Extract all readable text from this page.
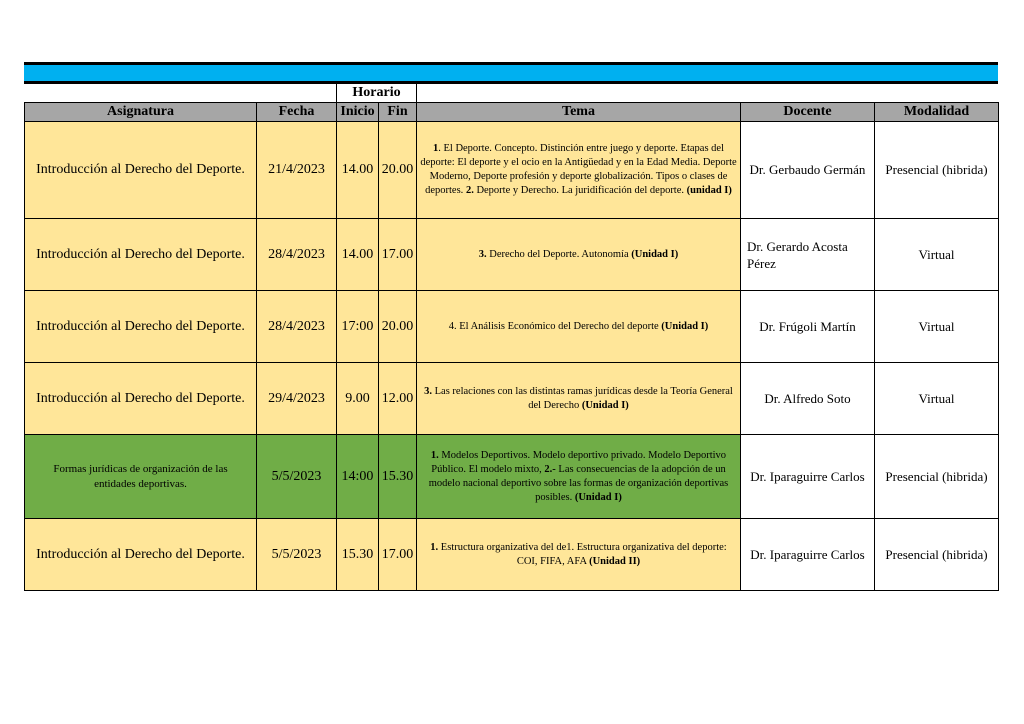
		Horario				
Asignatura	Fecha	Inicio	Fin	Tema	Docente	Modalidad
Introducción al Derecho del Deporte.	21/4/2023	14.00	20.00	1. El Deporte. Concepto. Distinción entre juego y deporte. Etapas del deporte: El deporte y el ocio en la Antigüedad y en la Edad Media. Deporte Moderno, Deporte profesión y deporte globalización. Tipos o clases de deportes. 2. Deporte y Derecho. La juridificación del deporte. (unidad I)	Dr. Gerbaudo Germán	Presencial (hibrida)
Introducción al Derecho del Deporte.	28/4/2023	14.00	17.00	3. Derecho del Deporte. Autonomía (Unidad I)	Dr. Gerardo Acosta Pérez	Virtual
Introducción al Derecho del Deporte.	28/4/2023	17:00	20.00	4. El Análisis Económico del Derecho del deporte (Unidad I)	Dr. Frúgoli Martín	Virtual
Introducción al Derecho del Deporte.	29/4/2023	9.00	12.00	3. Las relaciones con las distintas ramas jurídicas desde la Teoría General del Derecho (Unidad I)	Dr. Alfredo Soto	Virtual
Formas jurídicas de organización de las entidades deportivas.	5/5/2023	14:00	15.30	1. Modelos Deportivos. Modelo deportivo privado. Modelo Deportivo Público. El modelo mixto, 2.- Las consecuencias de la adopción de un modelo nacional deportivo sobre las formas de organización deportivas posibles. (Unidad I)	Dr. Iparaguirre Carlos	Presencial (hibrida)
Introducción al Derecho del Deporte.	5/5/2023	15.30	17.00	1. Estructura organizativa del de1. Estructura organizativa del deporte: COI, FIFA, AFA (Unidad II)	Dr. Iparaguirre Carlos	Presencial (hibrida)
